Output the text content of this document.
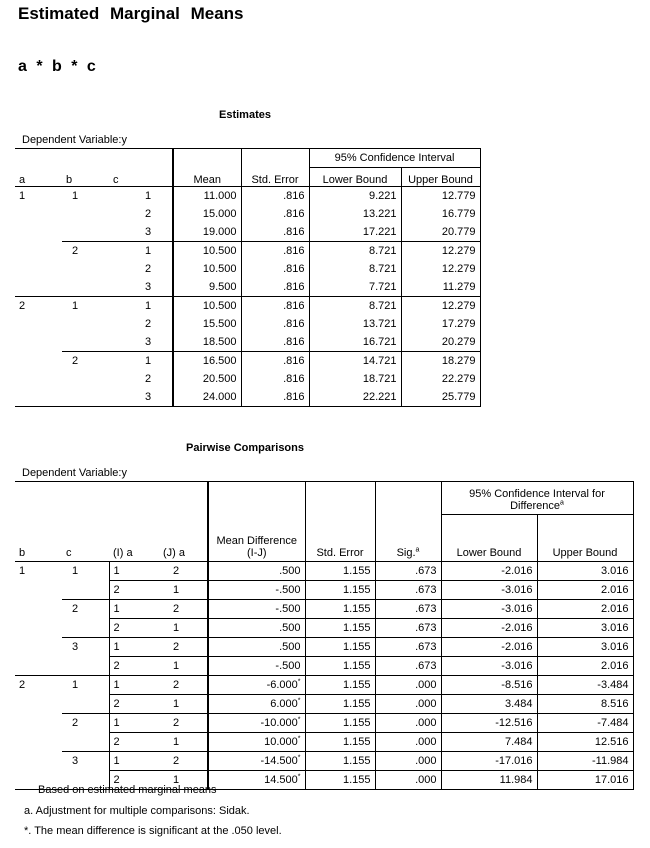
Estimated Marginal Means
a * b * c
Estimates
Dependent Variable:y
					95% Confidence Interval	

a	b	c	Mean	Std. Error	Lower Bound	Upper Bound
1	1	1	11.000	.816	9.221	12.779
		2	15.000	.816	13.221	16.779
		3	19.000	.816	17.221	20.779
	2	1	10.500	.816	8.721	12.279
		2	10.500	.816	8.721	12.279
		3	9.500	.816	7.721	11.279
2	1	1	10.500	.816	8.721	12.279
		2	15.500	.816	13.721	17.279
		3	18.500	.816	16.721	20.279
	2	1	16.500	.816	14.721	18.279
		2	20.500	.816	18.721	22.279
		3	24.000	.816	22.221	25.779
Pairwise Comparisons
Dependent Variable:y
							95% Confidence Interval for Difference$^a$
b	c	(I) a	(J) a	Mean Difference (I-J)	Std. Error	Sig.$^a$	Lower Bound	Upper Bound
1	1	1	2	.500	1.155	.673	-2.016	3.016
		2	1	-.500	1.155	.673	-3.016	2.016
	2	1	2	-.500	1.155	.673	-3.016	2.016
		2	1	.500	1.155	.673	-2.016	3.016
	3	1	2	.500	1.155	.673	-2.016	3.016
		2	1	-.500	1.155	.673	-3.016	2.016
2	1	1	2	-6.000*	1.155	.000	-8.516	-3.484
		2	1	6.000*	1.155	.000	3.484	8.516
	2	1	2	-10.000*	1.155	.000	-12.516	-7.484
		2	1	10.000*	1.155	.000	7.484	12.516
	3	1	2	-14.500*	1.155	.000	-17.016	-11.984
		2	1	14.500*	1.155	.000	11.984	17.016
Based on estimated marginal means
a. Adjustment for multiple comparisons: Sidak.
*. The mean difference is significant at the .050 level.
